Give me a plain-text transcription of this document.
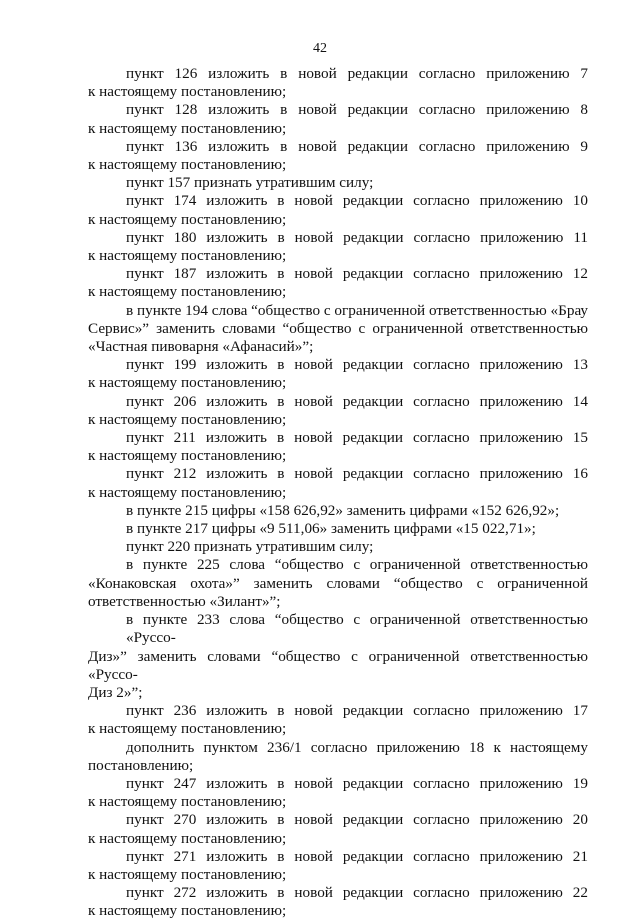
42
пункт 126 изложить в новой редакции согласно приложению 7
к настоящему постановлению;
пункт 128 изложить в новой редакции согласно приложению 8
к настоящему постановлению;
пункт 136 изложить в новой редакции согласно приложению 9
к настоящему постановлению;
пункт 157 признать утратившим силу;
пункт 174 изложить в новой редакции согласно приложению 10
к настоящему постановлению;
пункт 180 изложить в новой редакции согласно приложению 11
к настоящему постановлению;
пункт 187 изложить в новой редакции согласно приложению 12
к настоящему постановлению;
в пункте 194 слова “общество с ограниченной ответственностью «Брау
Сервис»” заменить словами “общество с ограниченной ответственностью
«Частная пивоварня «Афанасий»”;
пункт 199 изложить в новой редакции согласно приложению 13
к настоящему постановлению;
пункт 206 изложить в новой редакции согласно приложению 14
к настоящему постановлению;
пункт 211 изложить в новой редакции согласно приложению 15
к настоящему постановлению;
пункт 212 изложить в новой редакции согласно приложению 16
к настоящему постановлению;
в пункте 215 цифры «158 626,92» заменить цифрами «152 626,92»;
в пункте 217 цифры «9 511,06» заменить цифрами «15 022,71»;
пункт 220 признать утратившим силу;
в пункте 225 слова “общество с ограниченной ответственностью
«Конаковская охота»” заменить словами “общество с ограниченной
ответственностью «Зилант»”;
в пункте 233 слова “общество с ограниченной ответственностью «Руссо-
Диз»” заменить словами “общество с ограниченной ответственностью «Руссо-
Диз 2»”;
пункт 236 изложить в новой редакции согласно приложению 17
к настоящему постановлению;
дополнить пунктом 236/1 согласно приложению 18 к настоящему
постановлению;
пункт 247 изложить в новой редакции согласно приложению 19
к настоящему постановлению;
пункт 270 изложить в новой редакции согласно приложению 20
к настоящему постановлению;
пункт 271 изложить в новой редакции согласно приложению 21
к настоящему постановлению;
пункт 272 изложить в новой редакции согласно приложению 22
к настоящему постановлению;
